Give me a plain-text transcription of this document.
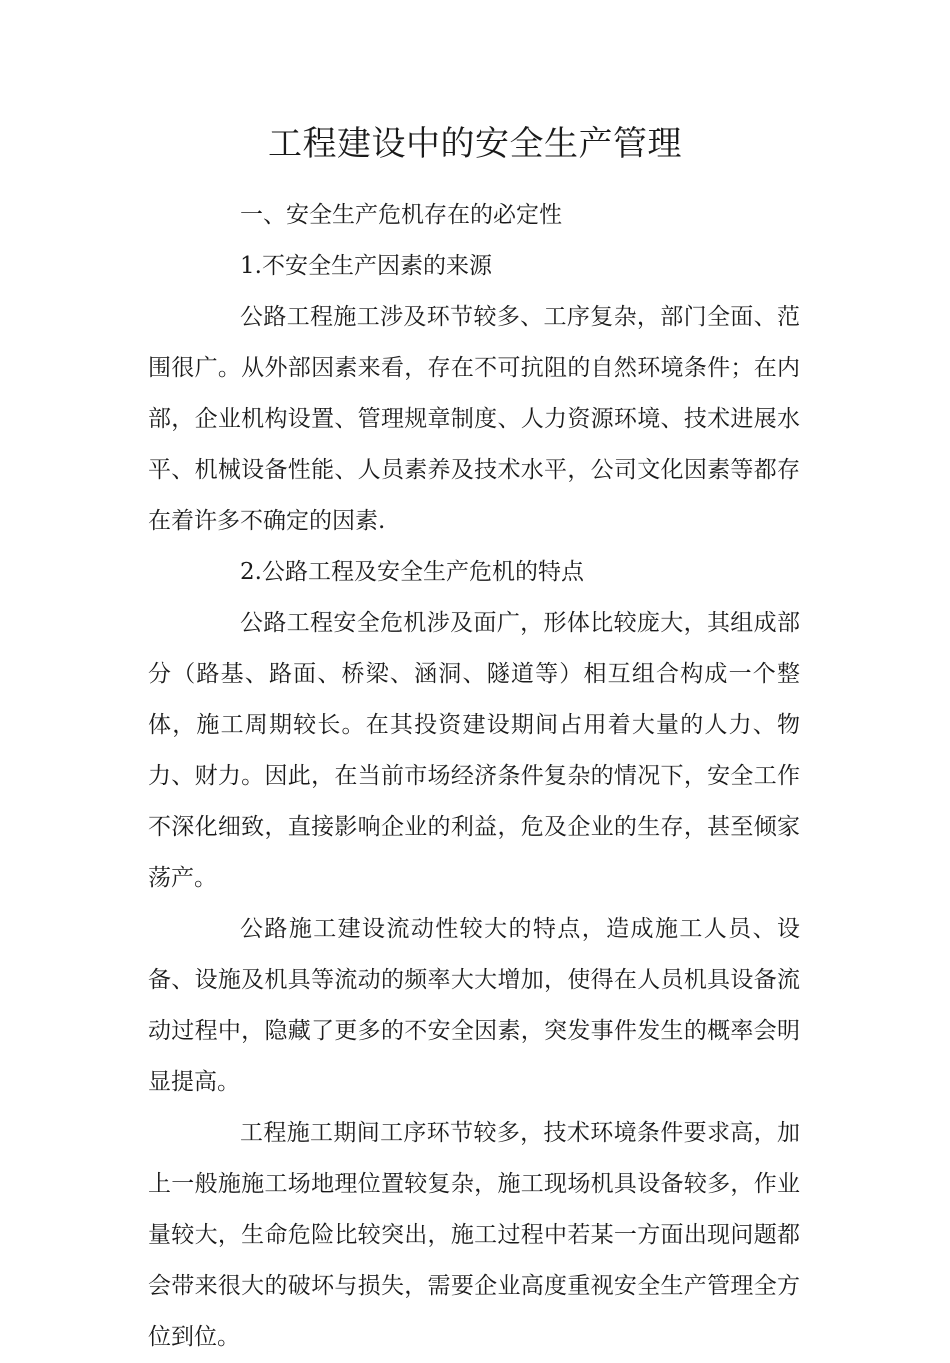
工程建设中的安全生产管理

一、安全生产危机存在的必定性

1.不安全生产因素的来源

公路工程施工涉及环节较多、工序复杂，部门全面、范围很广。从外部因素来看，存在不可抗阻的自然环境条件；在内部，企业机构设置、管理规章制度、人力资源环境、技术进展水平、机械设备性能、人员素养及技术水平，公司文化因素等都存在着许多不确定的因素.

2.公路工程及安全生产危机的特点

公路工程安全危机涉及面广，形体比较庞大，其组成部分（路基、路面、桥梁、涵洞、隧道等）相互组合构成一个整体，施工周期较长。在其投资建设期间占用着大量的人力、物力、财力。因此，在当前市场经济条件复杂的情况下，安全工作不深化细致，直接影响企业的利益，危及企业的生存，甚至倾家荡产。

公路施工建设流动性较大的特点，造成施工人员、设备、设施及机具等流动的频率大大增加，使得在人员机具设备流动过程中，隐藏了更多的不安全因素，突发事件发生的概率会明显提高。

工程施工期间工序环节较多，技术环境条件要求高，加上一般施施工场地理位置较复杂，施工现场机具设备较多，作业量较大，生命危险比较突出，施工过程中若某一方面出现问题都会带来很大的破坏与损失，需要企业高度重视安全生产管理全方位到位。
